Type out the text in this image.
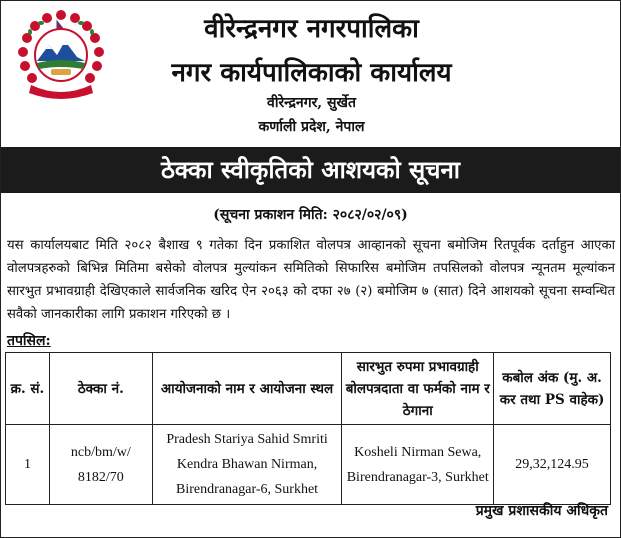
वीरेन्द्रनगर नगरपालिका
नगर कार्यपालिकाको कार्यालय
वीरेन्द्रनगर, सुर्खेत
कर्णाली प्रदेश, नेपाल
ठेक्का स्वीकृतिको आशयको सूचना
(सूचना प्रकाशन मिति: २०८२/०२/०९)
यस कार्यालयबाट मिति २०८२ बैशाख ९ गतेका दिन प्रकाशित वोलपत्र आव्हानको सूचना बमोजिम रितपूर्वक दर्ताहुन आएका वोलपत्रहरुको बिभिन्न मितिमा बसेको वोलपत्र मुल्यांकन समितिको सिफारिस बमोजिम तपसिलको वोलपत्र न्यूनतम मूल्यांकन सारभुत प्रभावग्राही देखिएकाले सार्वजनिक खरिद ऐन २०६३ को दफा २७ (२) बमोजिम ७ (सात) दिने आशयको सूचना सम्वन्धित सवैको जानकारीका लागि प्रकाशन गरिएको छ ।
तपसिल:
क्र. सं.	ठेक्का नं.	आयोजनाको नाम र आयोजना स्थल	सारभुत रुपमा प्रभावग्राही बोलपत्रदाता वा फर्मको नाम र ठेगाना	कबोल अंक (मु. अ. कर तथा PS वाहेक)
1	ncb/bm/w/ 8182/70	Pradesh Stariya Sahid Smriti Kendra Bhawan Nirman, Birendranagar-6, Surkhet	Kosheli Nirman Sewa, Birendranagar-3, Surkhet	29,32,124.95
प्रमुख प्रशासकीय अधिकृत
